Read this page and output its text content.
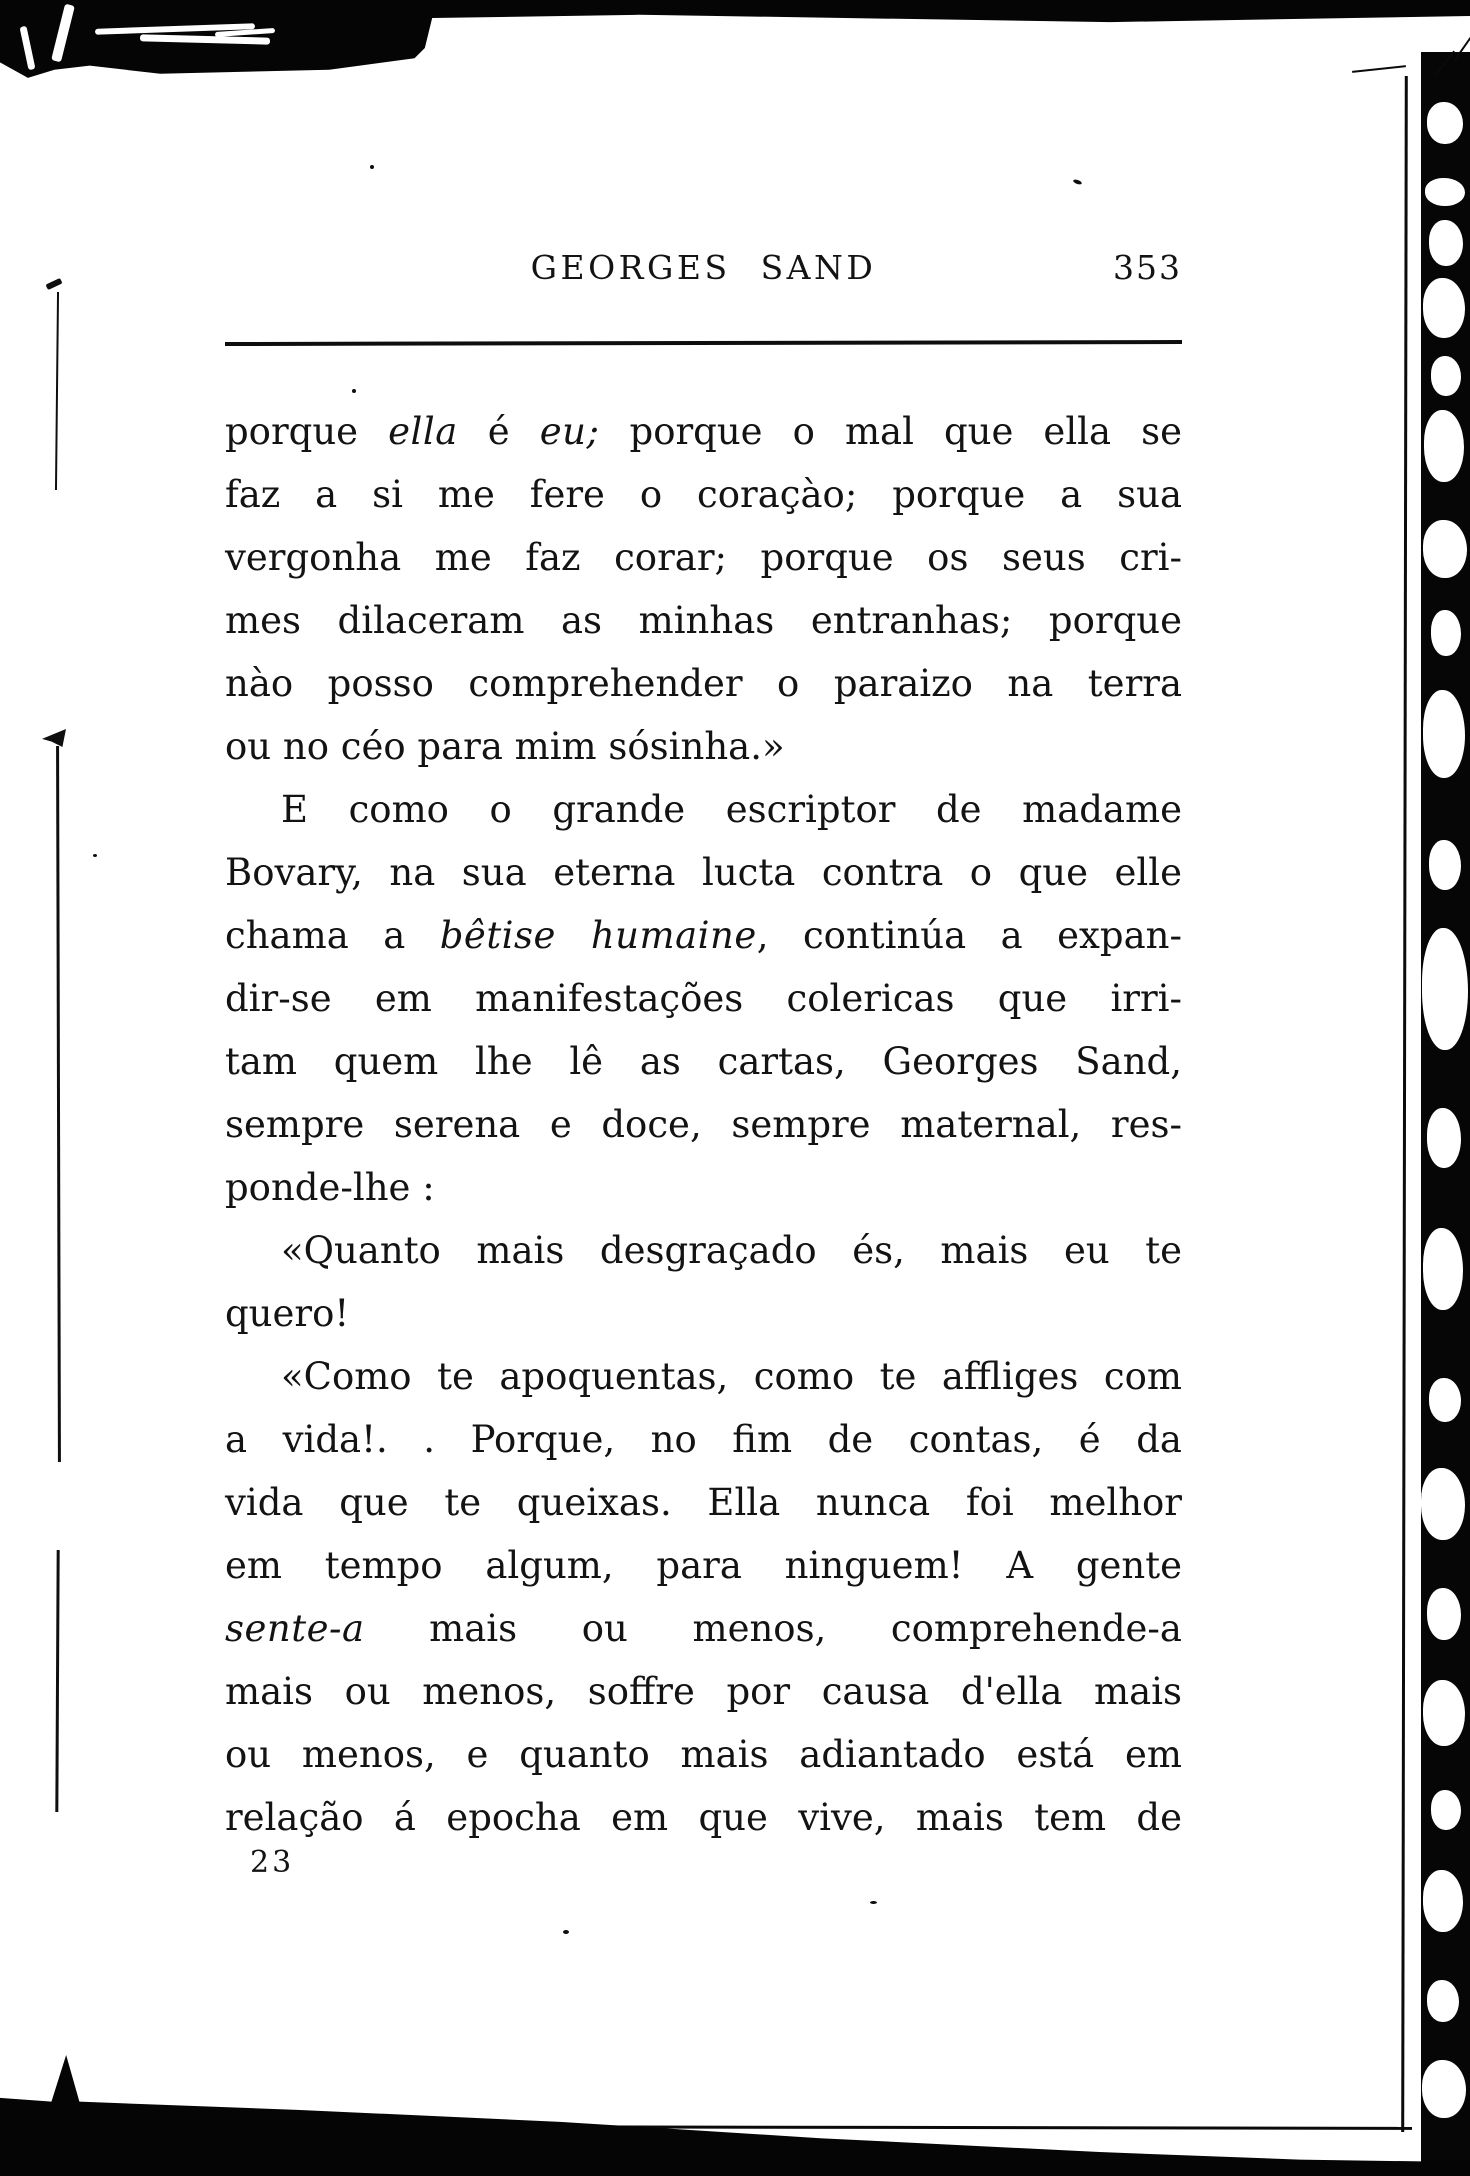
GEORGES SAND	353
porque ella é eu; porque o mal que ella se
faz a si me fere o coraçào; porque a sua
vergonha me faz corar; porque os seus cri-
mes dilaceram as minhas entranhas; porque
nào posso comprehender o paraizo na terra
ou no céo para mim sósinha.»
E como o grande escriptor de madame
Bovary, na sua eterna lucta contra o que elle
chama a bêtise humaine, continúa a expan-
dir-se em manifestações colericas que irri-
tam quem lhe lê as cartas, Georges Sand,
sempre serena e doce, sempre maternal, res-
ponde-lhe :
«Quanto mais desgraçado és, mais eu te
quero!
«Como te apoquentas, como te affliges com
a vida!. . Porque, no fim de contas, é da
vida que te queixas. Ella nunca foi melhor
em tempo algum, para ninguem! A gente
sente-a mais ou menos, comprehende-a
mais ou menos, soffre por causa d'ella mais
ou menos, e quanto mais adiantado está em
relação á epocha em que vive, mais tem de
23
